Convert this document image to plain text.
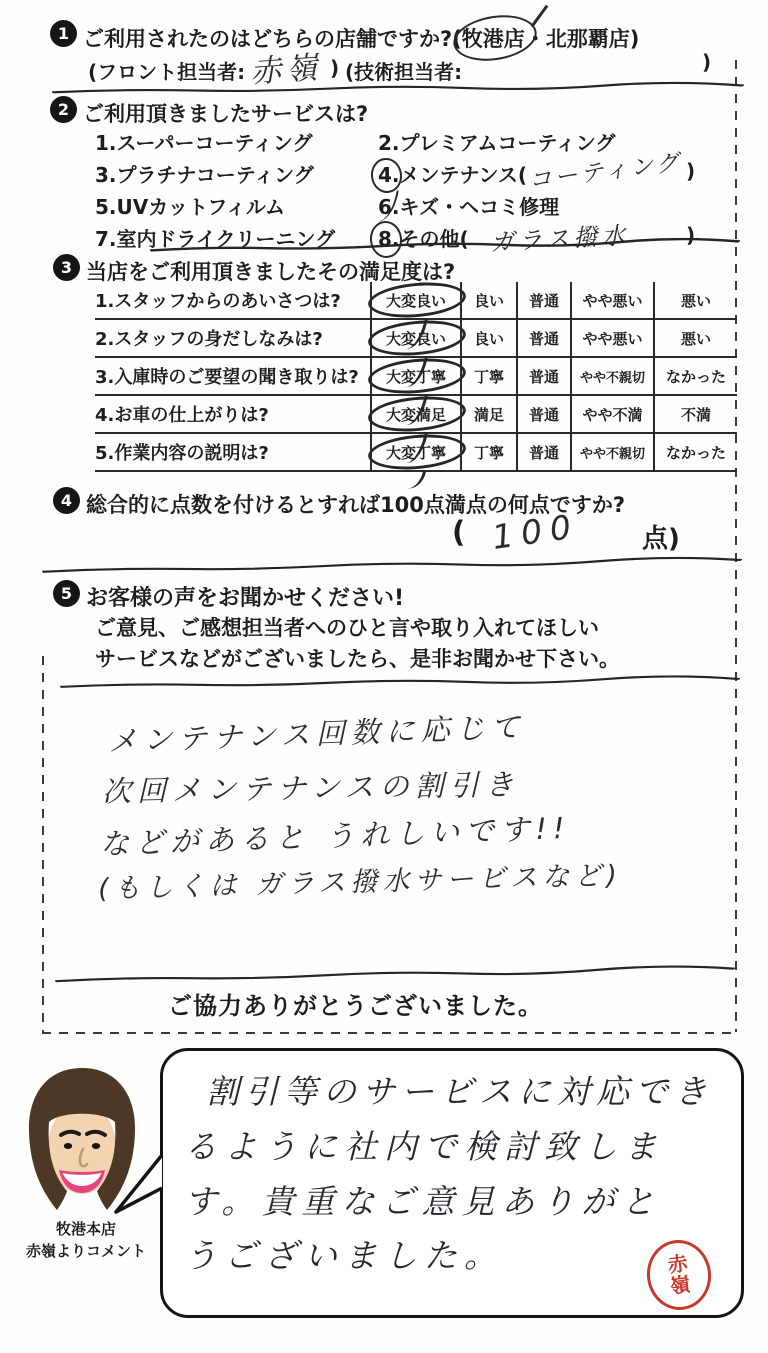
1 ご利用されたのはどちらの店舗ですか?(牧港店
・北那覇店)
(フロント担当者: 赤嶺 ) (技術担当者:	)
2 ご利用頂きましたサービスは?
1.スーパーコーティング
3.プラチナコーティング
5.UVカットフィルム
7.室内ドライクリーニング
2.プレミアムコーティング
4.
メンテナンス( コーティング )
6.キズ・ヘコミ修理
8.
その他( ガラス撥水	)
3 当店をご利用頂きましたその満足度は?
1.スタッフからのあいさつは?	大変良い 良い 普通 やや悪い	悪い
2.スタッフの身だしなみは?	大変良い 良い 普通 やや悪い	悪い
3.入庫時のご要望の聞き取りは? 大変丁寧 丁寧 普通 やや不親切 なかった
4.お車の仕上がりは?	大変満足 満足 普通 やや不満	不満
5.作業内容の説明は?	大変丁寧 丁寧 普通 やや不親切 なかった
4 総合的に点数を付けるとすれば100点満点の何点ですか?
( 100 点)
5 お客様の声をお聞かせください!
ご意見、ご感想担当者へのひと言や取り入れてほしい
サービスなどがございましたら、是非お聞かせ下さい。
メンテナンス回数に応じて
次回メンテナンスの割引き
などがあると うれしいです!!
(もしくは ガラス撥水サービスなど)
ご協力ありがとうございました。
牧港本店
赤嶺よりコメント
割引等のサービスに対応でき
るように社内で検討致しま
す。貴重なご意見ありがと
うございました。	赤
嶺
